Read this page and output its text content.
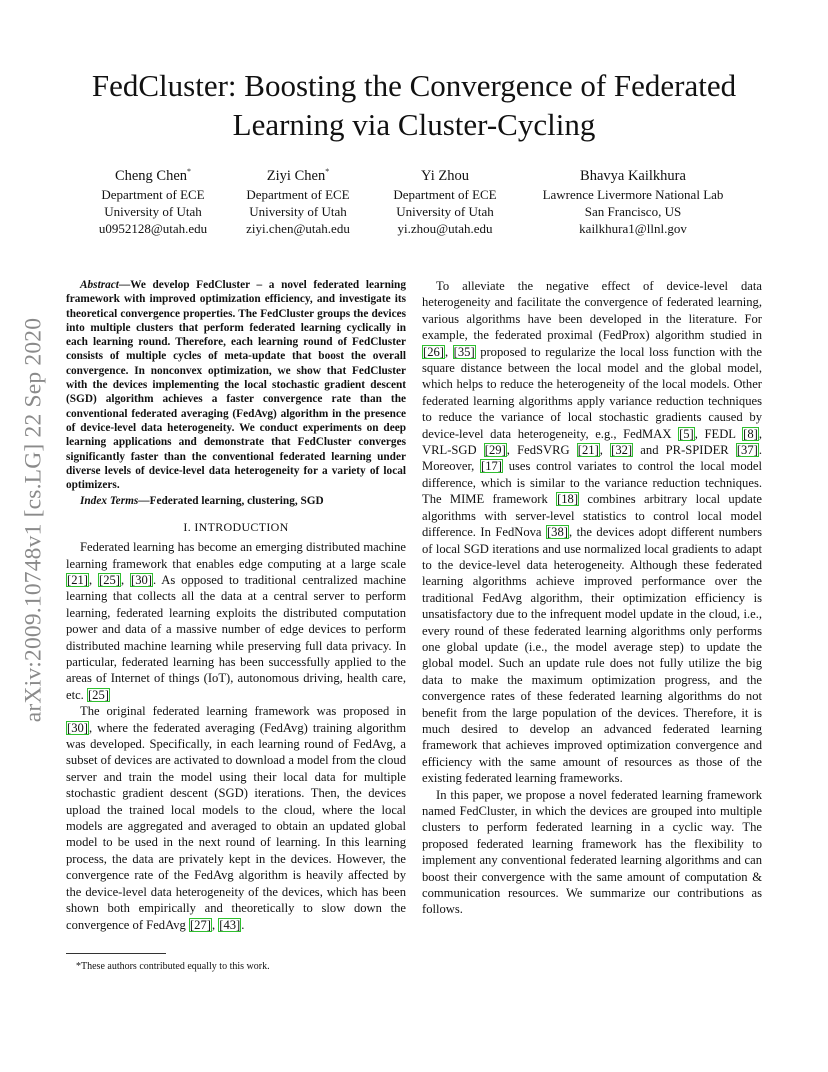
arXiv:2009.10748v1 [cs.LG] 22 Sep 2020
FedCluster: Boosting the Convergence of Federated Learning via Cluster-Cycling
Cheng Chen*
Department of ECE
University of Utah
u0952128@utah.edu
Ziyi Chen*
Department of ECE
University of Utah
ziyi.chen@utah.edu
Yi Zhou
Department of ECE
University of Utah
yi.zhou@utah.edu
Bhavya Kailkhura
Lawrence Livermore National Lab
San Francisco, US
kailkhura1@llnl.gov

Abstract—We develop FedCluster – a novel federated learning framework with improved optimization efficiency, and investigate its theoretical convergence properties. The FedCluster groups the devices into multiple clusters that perform federated learning cyclically in each learning round. Therefore, each learning round of FedCluster consists of multiple cycles of meta-update that boost the overall convergence. In nonconvex optimization, we show that FedCluster with the devices implementing the local stochastic gradient descent (SGD) algorithm achieves a faster convergence rate than the conventional federated averaging (FedAvg) algorithm in the presence of device-level data heterogeneity. We conduct experiments on deep learning applications and demonstrate that FedCluster converges significantly faster than the conventional federated learning under diverse levels of device-level data heterogeneity for a variety of local optimizers.

Index Terms—Federated learning, clustering, SGD

I. INTRODUCTION

Federated learning has become an emerging distributed machine learning framework that enables edge computing at a large scale [21], [25], [30]. As opposed to traditional centralized machine learning that collects all the data at a central server to perform learning, federated learning exploits the distributed computation power and data of a massive number of edge devices to perform distributed machine learning while preserving full data privacy. In particular, federated learning has been successfully applied to the areas of Internet of things (IoT), autonomous driving, health care, etc. [25]

The original federated learning framework was proposed in [30], where the federated averaging (FedAvg) training algorithm was developed. Specifically, in each learning round of FedAvg, a subset of devices are activated to download a model from the cloud server and train the model using their local data for multiple stochastic gradient descent (SGD) iterations. Then, the devices upload the trained local models to the cloud, where the local models are aggregated and averaged to obtain an updated global model to be used in the next round of learning. In this learning process, the data are privately kept in the devices. However, the convergence rate of the FedAvg algorithm is heavily affected by the device-level data heterogeneity of the devices, which has been shown both empirically and theoretically to slow down the convergence of FedAvg [27], [43].

*These authors contributed equally to this work.

To alleviate the negative effect of device-level data heterogeneity and facilitate the convergence of federated learning, various algorithms have been developed in the literature. For example, the federated proximal (FedProx) algorithm studied in [26], [35] proposed to regularize the local loss function with the square distance between the local model and the global model, which helps to reduce the heterogeneity of the local models. Other federated learning algorithms apply variance reduction techniques to reduce the variance of local stochastic gradients caused by device-level data heterogeneity, e.g., FedMAX [5], FEDL [8], VRL-SGD [29], FedSVRG [21], [32] and PR-SPIDER [37]. Moreover, [17] uses control variates to control the local model difference, which is similar to the variance reduction techniques. The MIME framework [18] combines arbitrary local update algorithms with server-level statistics to control local model difference. In FedNova [38], the devices adopt different numbers of local SGD iterations and use normalized local gradients to adapt to the device-level data heterogeneity. Although these federated learning algorithms achieve improved performance over the traditional FedAvg algorithm, their optimization efficiency is unsatisfactory due to the infrequent model update in the cloud, i.e., every round of these federated learning algorithms only performs one global update (i.e., the model average step) to update the global model. Such an update rule does not fully utilize the big data to make the maximum optimization progress, and the convergence rates of these federated learning algorithms do not benefit from the large population of the devices. Therefore, it is much desired to develop an advanced federated learning framework that achieves improved optimization convergence and efficiency with the same amount of resources as those of the existing federated learning frameworks.

In this paper, we propose a novel federated learning framework named FedCluster, in which the devices are grouped into multiple clusters to perform federated learning in a cyclic way. The proposed federated learning framework has the flexibility to implement any conventional federated learning algorithms and can boost their convergence with the same amount of computation & communication resources. We summarize our contributions as follows.
